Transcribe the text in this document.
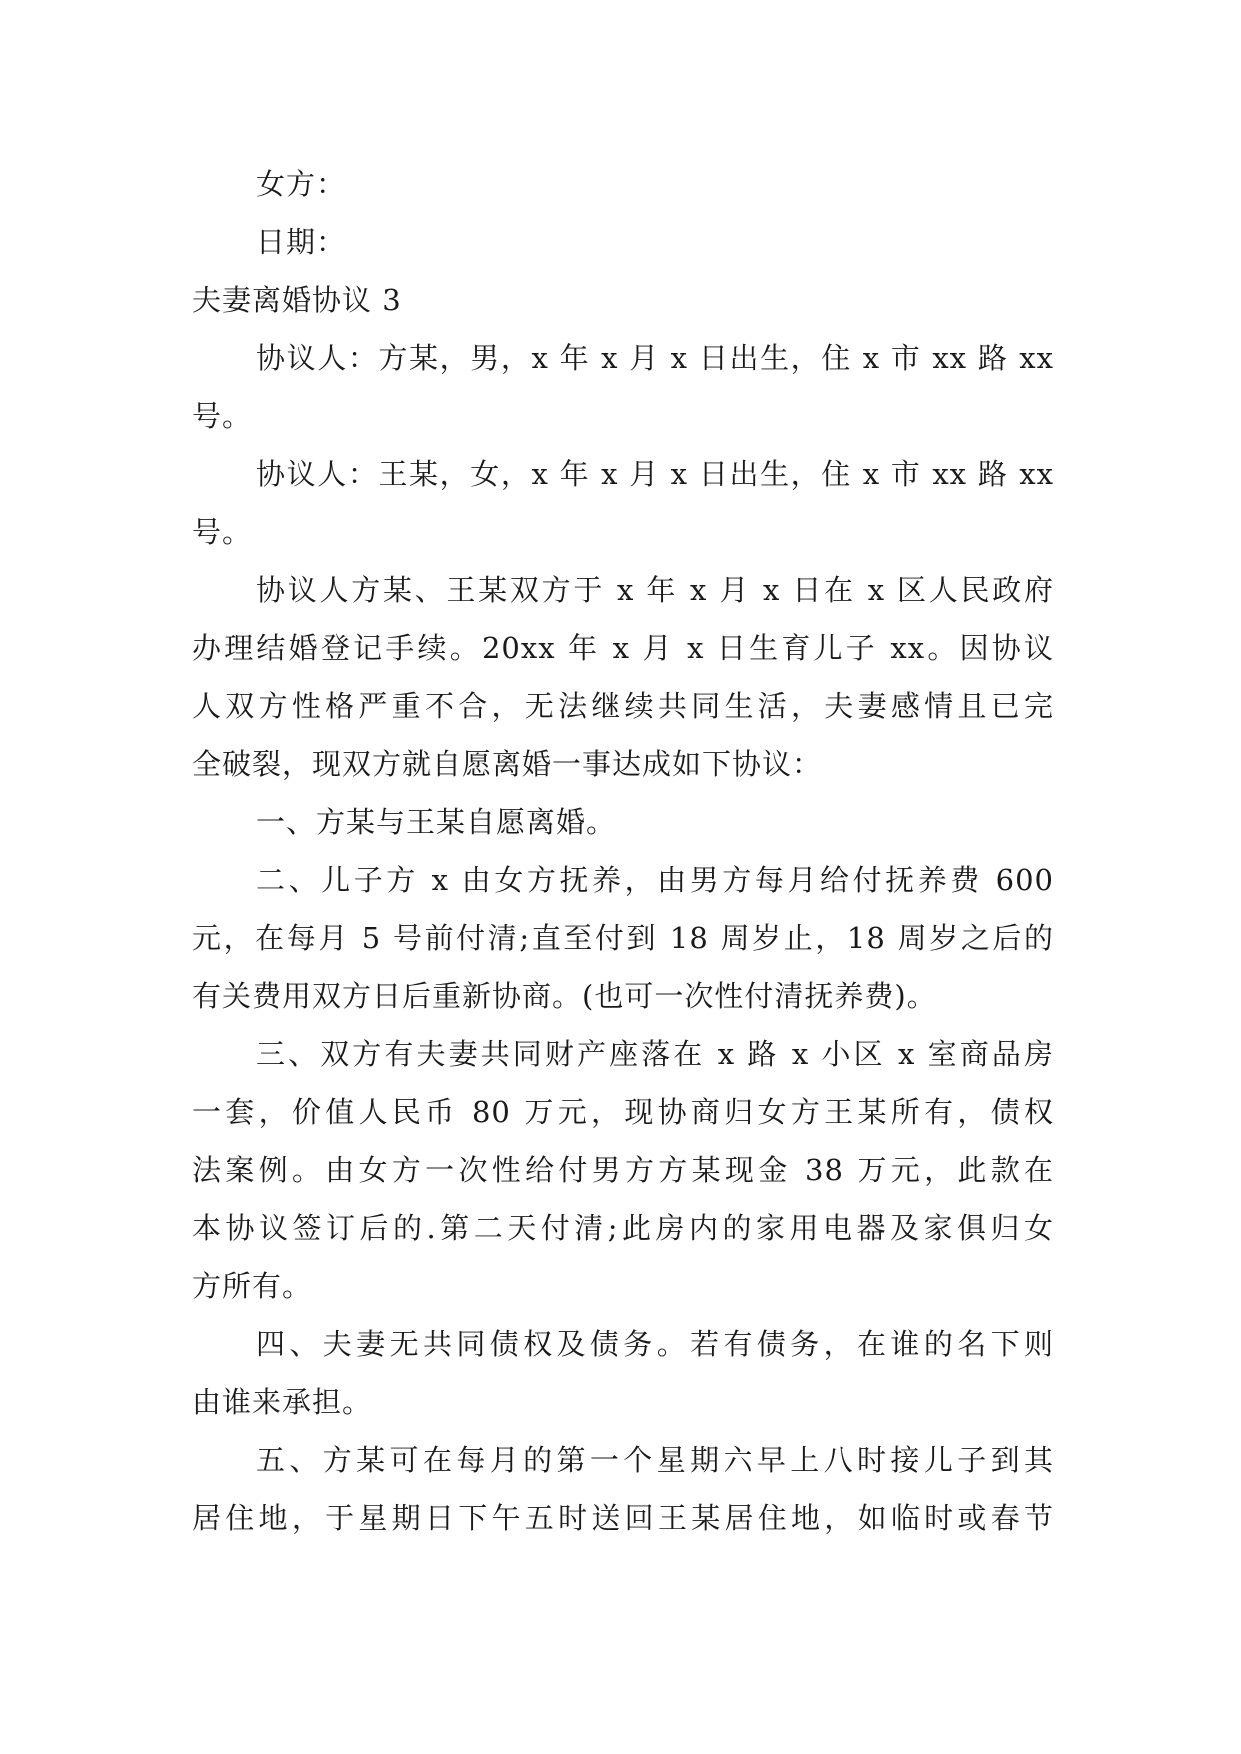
女方：
日期：
夫妻离婚协议 3
协议人：方某，男，x 年 x 月 x 日出生，住 x 市 xx 路 xx
号。
协议人：王某，女，x 年 x 月 x 日出生，住 x 市 xx 路 xx
号。
协议人方某、王某双方于 x 年 x 月 x 日在 x 区人民政府
办理结婚登记手续。20xx 年 x 月 x 日生育儿子 xx。因协议
人双方性格严重不合，无法继续共同生活，夫妻感情且已完
全破裂，现双方就自愿离婚一事达成如下协议：
一、方某与王某自愿离婚。
二、儿子方 x 由女方抚养，由男方每月给付抚养费 600
元，在每月 5 号前付清;直至付到 18 周岁止，18 周岁之后的
有关费用双方日后重新协商。(也可一次性付清抚养费)。
三、双方有夫妻共同财产座落在 x 路 x 小区 x 室商品房
一套，价值人民币 80 万元，现协商归女方王某所有，债权
法案例。由女方一次性给付男方方某现金 38 万元，此款在
本协议签订后的.第二天付清;此房内的家用电器及家俱归女
方所有。
四、夫妻无共同债权及债务。若有债务，在谁的名下则
由谁来承担。
五、方某可在每月的第一个星期六早上八时接儿子到其
居住地，于星期日下午五时送回王某居住地，如临时或春节
